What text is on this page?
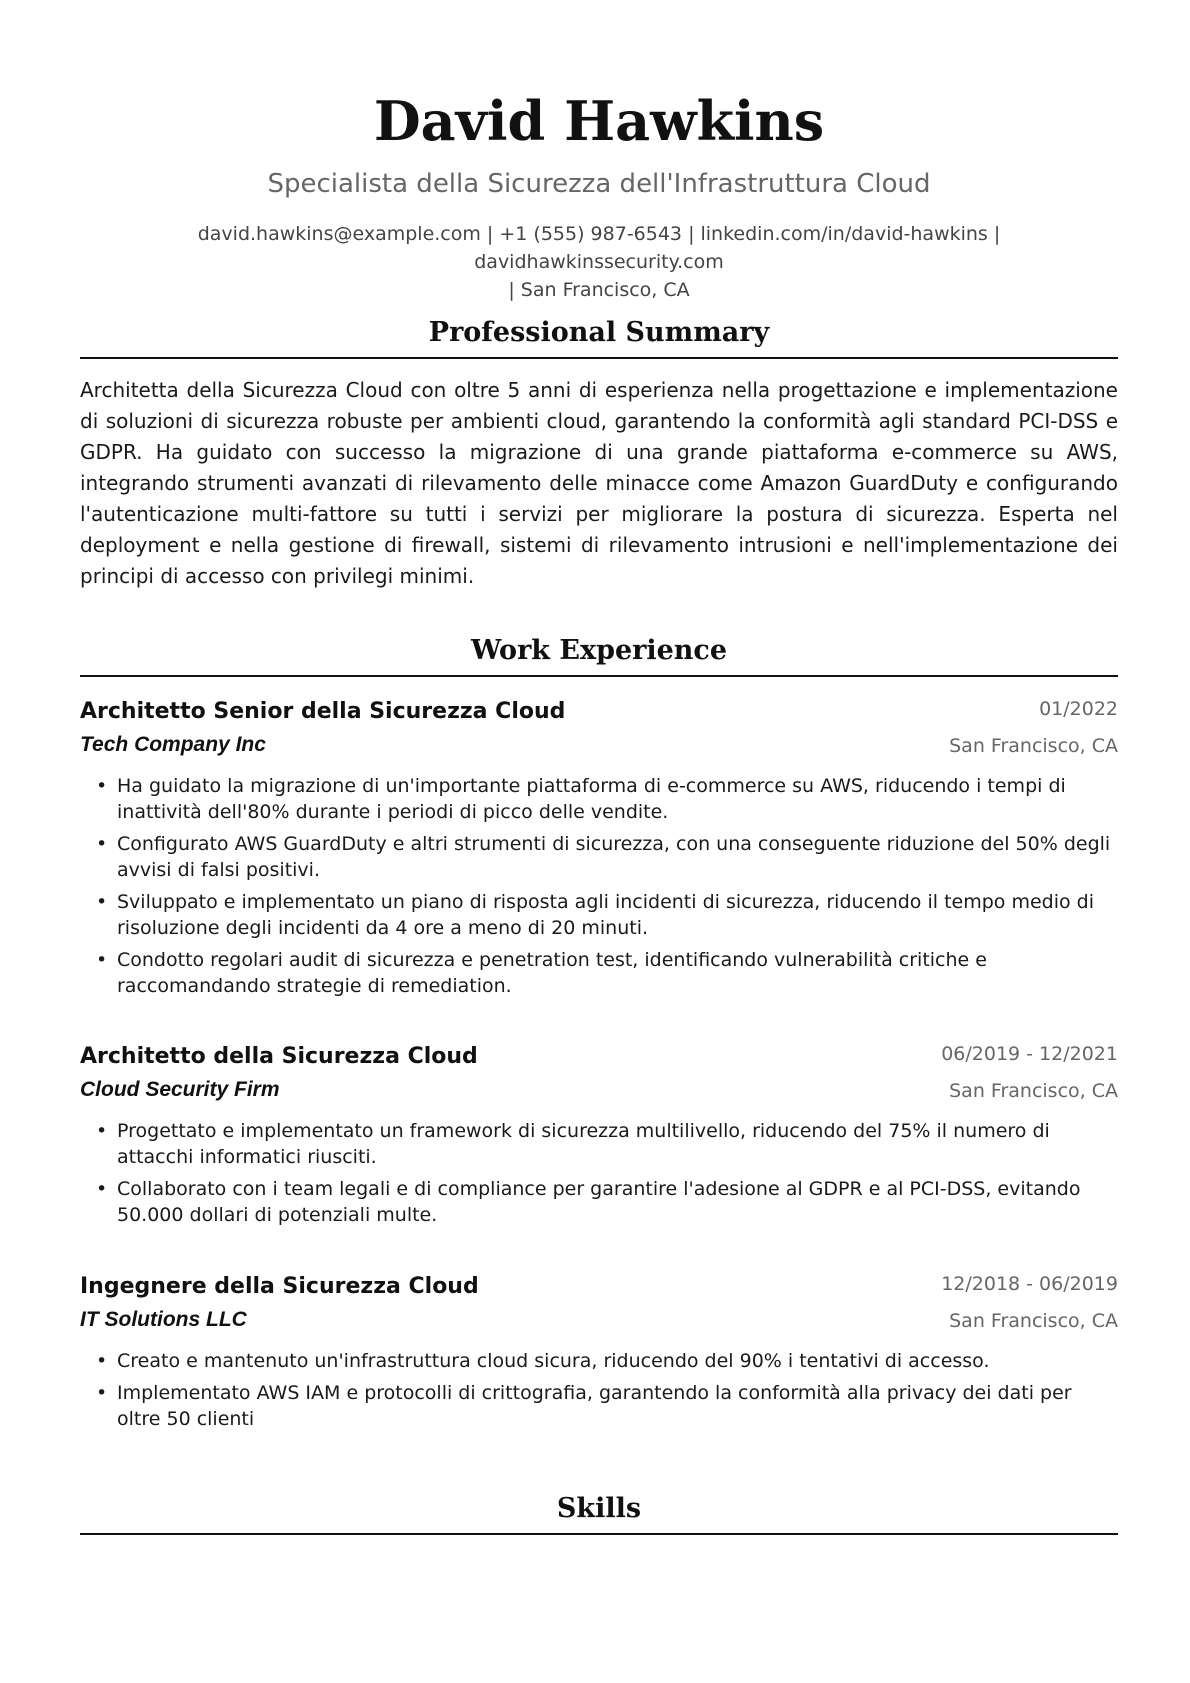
David Hawkins
Specialista della Sicurezza dell'Infrastruttura Cloud
david.hawkins@example.com | +1 (555) 987-6543 | linkedin.com/in/david-hawkins | davidhawkinssecurity.com
| San Francisco, CA
Professional Summary
Architetta della Sicurezza Cloud con oltre 5 anni di esperienza nella progettazione e implementazione di soluzioni di sicurezza robuste per ambienti cloud, garantendo la conformità agli standard PCI-DSS e GDPR. Ha guidato con successo la migrazione di una grande piattaforma e-commerce su AWS, integrando strumenti avanzati di rilevamento delle minacce come Amazon GuardDuty e configurando l'autenticazione multi-fattore su tutti i servizi per migliorare la postura di sicurezza. Esperta nel deployment e nella gestione di firewall, sistemi di rilevamento intrusioni e nell'implementazione dei principi di accesso con privilegi minimi.
Work Experience
Architetto Senior della Sicurezza Cloud	01/2022
Tech Company Inc	San Francisco, CA
• Ha guidato la migrazione di un'importante piattaforma di e-commerce su AWS, riducendo i tempi di inattività dell'80% durante i periodi di picco delle vendite.
• Configurato AWS GuardDuty e altri strumenti di sicurezza, con una conseguente riduzione del 50% degli avvisi di falsi positivi.
• Sviluppato e implementato un piano di risposta agli incidenti di sicurezza, riducendo il tempo medio di risoluzione degli incidenti da 4 ore a meno di 20 minuti.
• Condotto regolari audit di sicurezza e penetration test, identificando vulnerabilità critiche e raccomandando strategie di remediation.
Architetto della Sicurezza Cloud	06/2019 - 12/2021
Cloud Security Firm	San Francisco, CA
• Progettato e implementato un framework di sicurezza multilivello, riducendo del 75% il numero di attacchi informatici riusciti.
• Collaborato con i team legali e di compliance per garantire l'adesione al GDPR e al PCI-DSS, evitando 50.000 dollari di potenziali multe.
Ingegnere della Sicurezza Cloud	12/2018 - 06/2019
IT Solutions LLC	San Francisco, CA
• Creato e mantenuto un'infrastruttura cloud sicura, riducendo del 90% i tentativi di accesso.
• Implementato AWS IAM e protocolli di crittografia, garantendo la conformità alla privacy dei dati per oltre 50 clienti
Skills
